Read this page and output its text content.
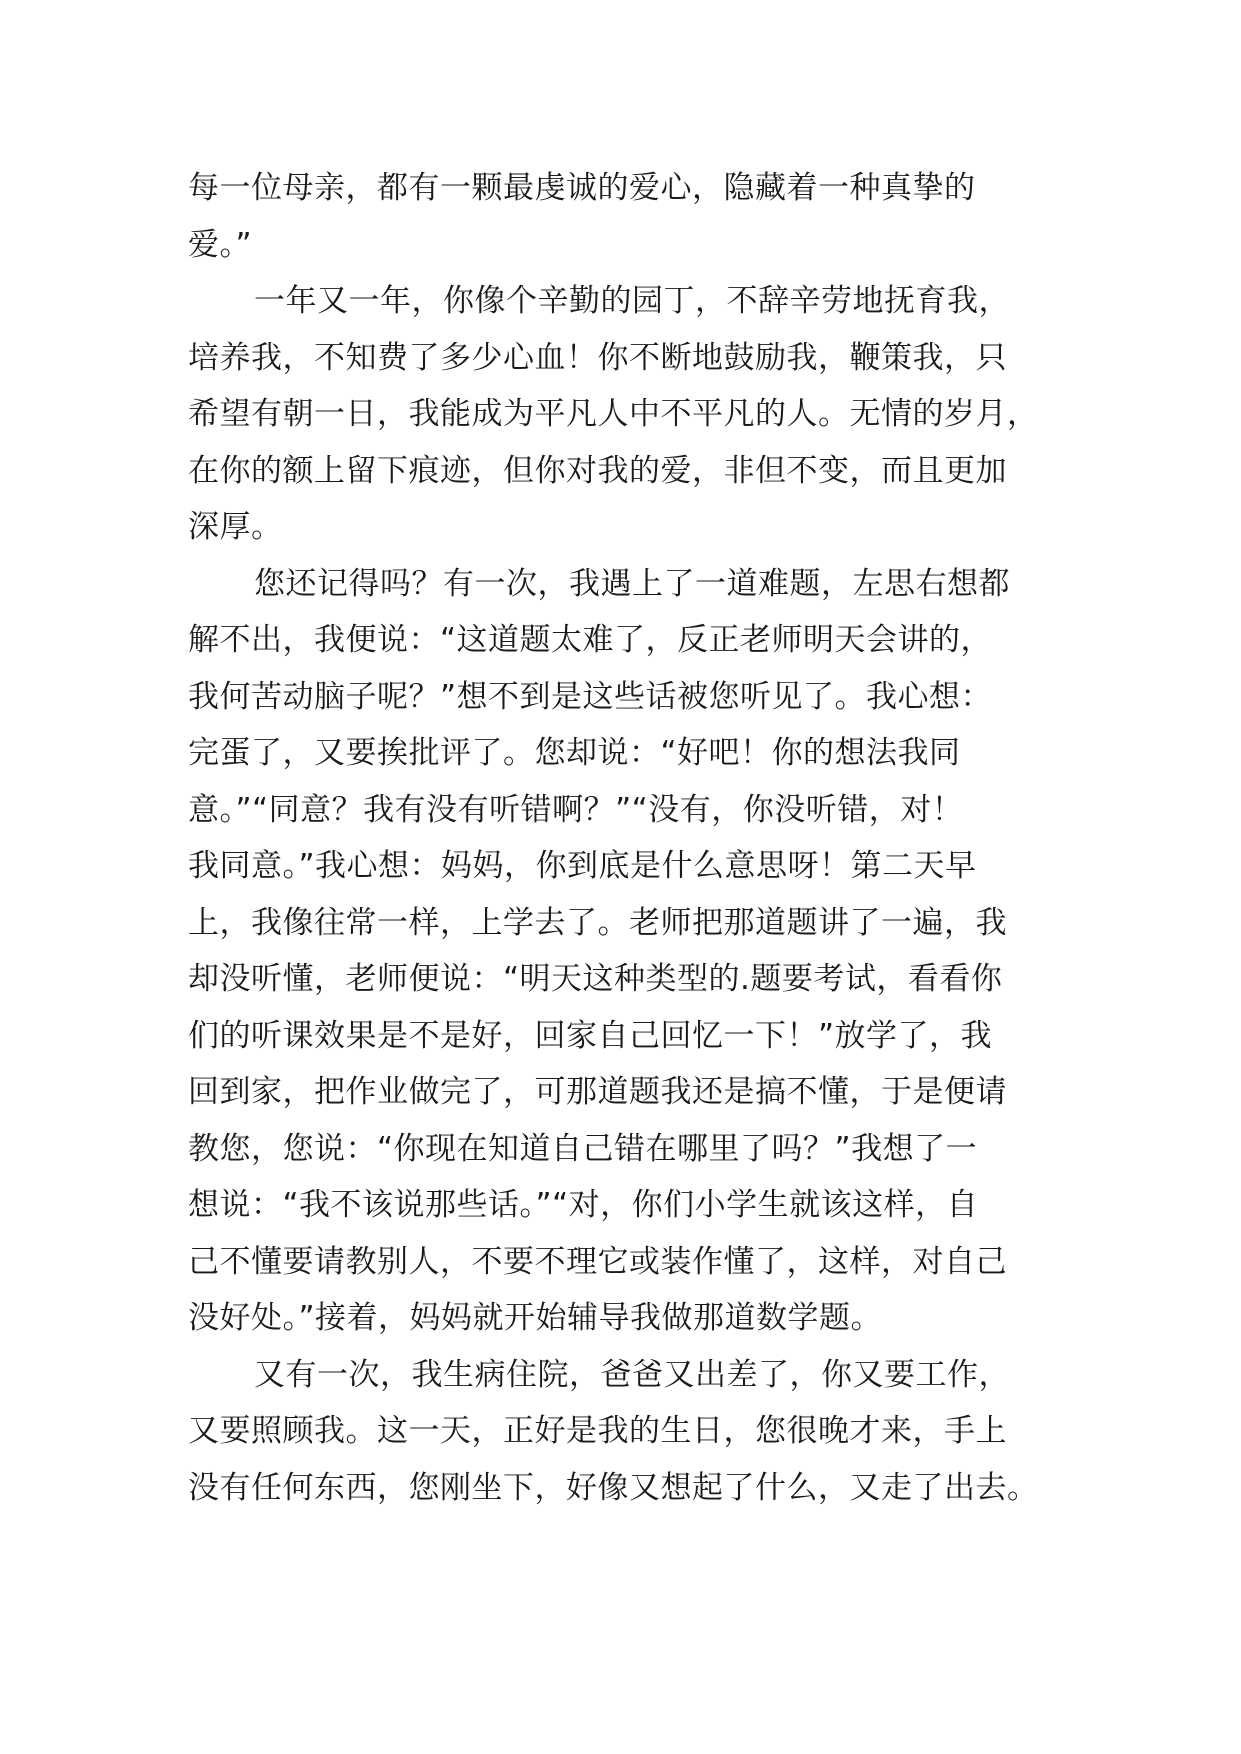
每一位母亲，都有一颗最虔诚的爱心，隐藏着一种真挚的
爱。”
一年又一年，你像个辛勤的园丁，不辞辛劳地抚育我，
培养我，不知费了多少心血！你不断地鼓励我，鞭策我，只
希望有朝一日，我能成为平凡人中不平凡的人。无情的岁月，
在你的额上留下痕迹，但你对我的爱，非但不变，而且更加
深厚。
您还记得吗？有一次，我遇上了一道难题，左思右想都
解不出，我便说：“这道题太难了，反正老师明天会讲的，
我何苦动脑子呢？”想不到是这些话被您听见了。我心想：
完蛋了，又要挨批评了。您却说：“好吧！你的想法我同
意。”“同意？我有没有听错啊？”“没有，你没听错，对！
我同意。”我心想：妈妈，你到底是什么意思呀！第二天早
上，我像往常一样，上学去了。老师把那道题讲了一遍，我
却没听懂，老师便说：“明天这种类型的.题要考试，看看你
们的听课效果是不是好，回家自己回忆一下！”放学了，我
回到家，把作业做完了，可那道题我还是搞不懂，于是便请
教您，您说：“你现在知道自己错在哪里了吗？”我想了一
想说：“我不该说那些话。”“对，你们小学生就该这样，自
己不懂要请教别人，不要不理它或装作懂了，这样，对自己
没好处。”接着，妈妈就开始辅导我做那道数学题。
又有一次，我生病住院，爸爸又出差了，你又要工作，
又要照顾我。这一天，正好是我的生日，您很晚才来，手上
没有任何东西，您刚坐下，好像又想起了什么，又走了出去。
